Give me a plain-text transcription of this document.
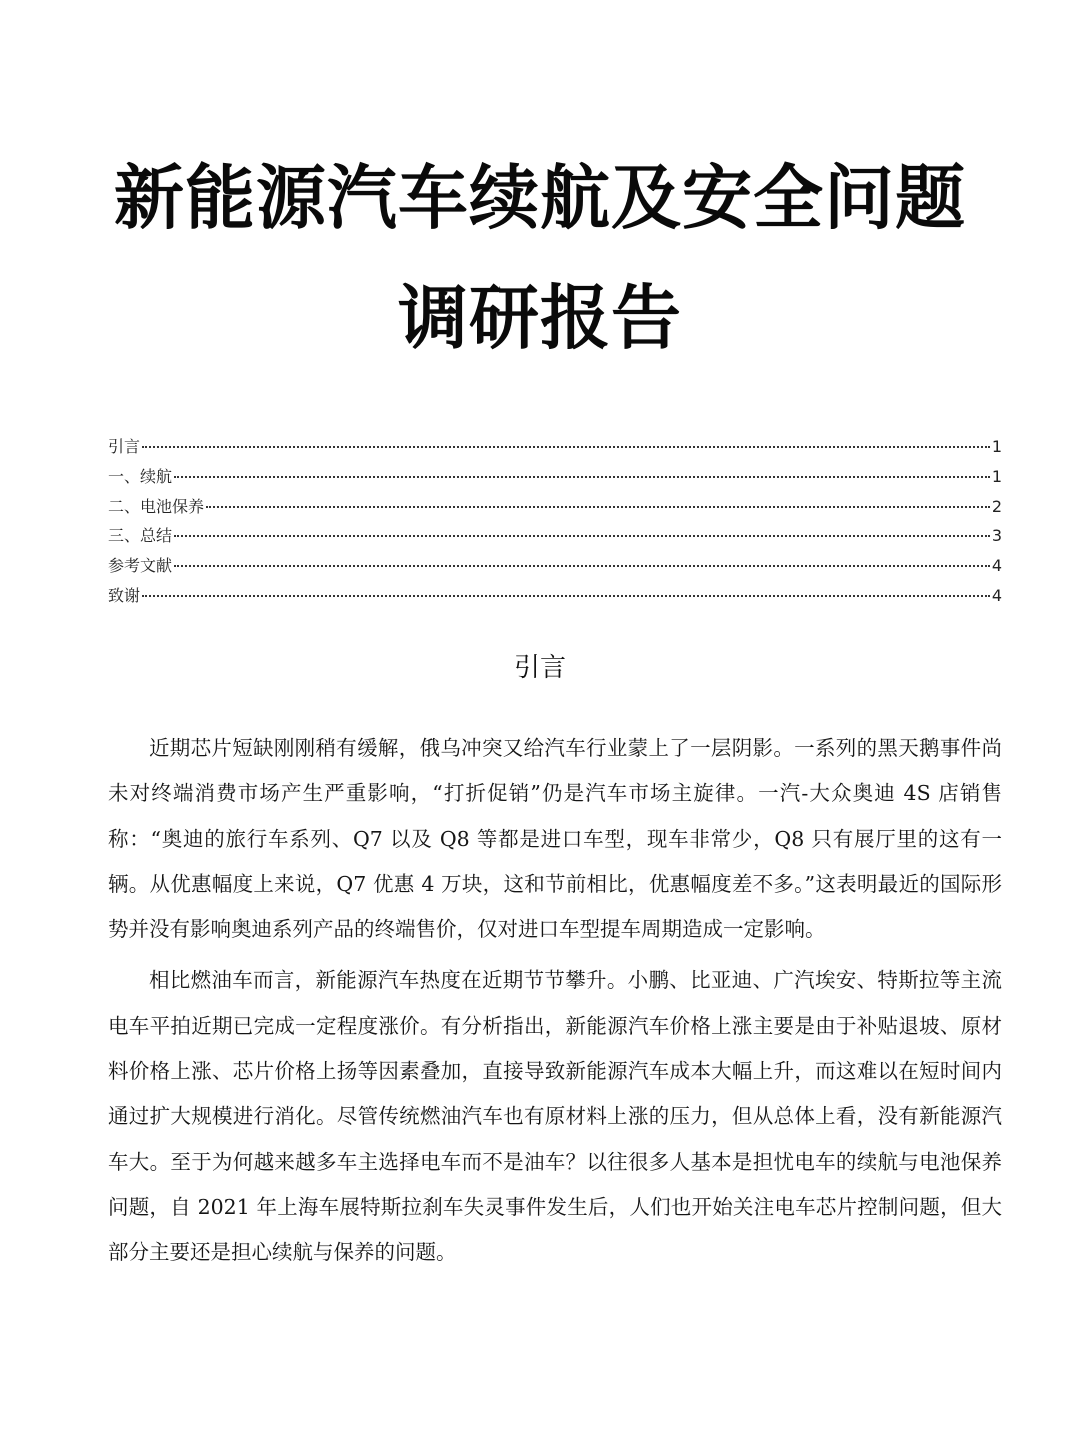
新能源汽车续航及安全问题
调研报告
引言	1
一、续航	1
二、电池保养	2
三、总结	3
参考文献	4
致谢	4
引言

近期芯片短缺刚刚稍有缓解，俄乌冲突又给汽车行业蒙上了一层阴影。一系列的黑天鹅事件尚未对终端消费市场产生严重影响，“打折促销”仍是汽车市场主旋律。一汽-大众奥迪 4S 店销售称：“奥迪的旅行车系列、Q7 以及 Q8 等都是进口车型，现车非常少，Q8 只有展厅里的这有一辆。从优惠幅度上来说，Q7 优惠 4 万块，这和节前相比，优惠幅度差不多。”这表明最近的国际形势并没有影响奥迪系列产品的终端售价，仅对进口车型提车周期造成一定影响。

相比燃油车而言，新能源汽车热度在近期节节攀升。小鹏、比亚迪、广汽埃安、特斯拉等主流电车平拍近期已完成一定程度涨价。有分析指出，新能源汽车价格上涨主要是由于补贴退坡、原材料价格上涨、芯片价格上扬等因素叠加，直接导致新能源汽车成本大幅上升，而这难以在短时间内通过扩大规模进行消化。尽管传统燃油汽车也有原材料上涨的压力，但从总体上看，没有新能源汽车大。至于为何越来越多车主选择电车而不是油车？以往很多人基本是担忧电车的续航与电池保养问题，自 2021 年上海车展特斯拉刹车失灵事件发生后，人们也开始关注电车芯片控制问题，但大部分主要还是担心续航与保养的问题。
